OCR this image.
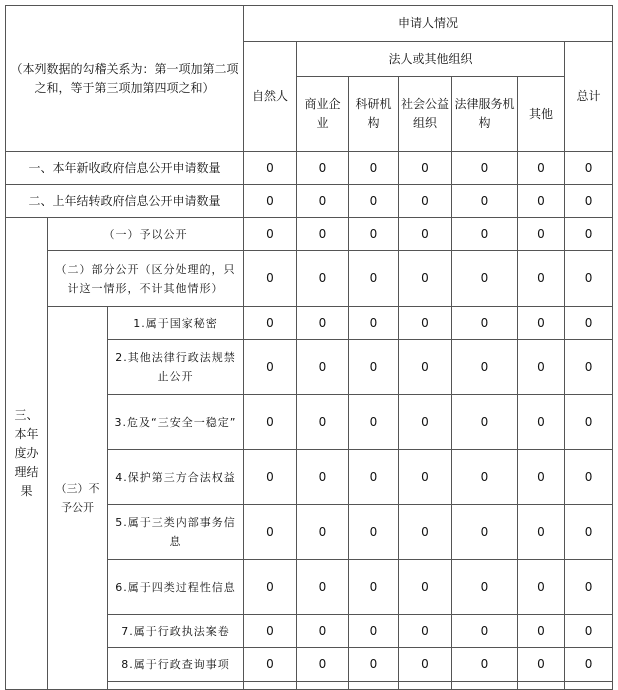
（本列数据的勾稽关系为：第一项加第二项之和，等于第三项加第四项之和）			申请人情况						
			自然人	法人或其他组织					总计
				商业企业	科研机构	社会公益组织	法律服务机构	其他	
一、本年新收政府信息公开申请数量			0	0	0	0	0	0	0
二、上年结转政府信息公开申请数量			0	0	0	0	0	0	0
三、本年度办理结果	（一）予以公开		0	0	0	0	0	0	0
	（二）部分公开（区分处理的，只计这一情形，不计其他情形）		0	0	0	0	0	0	0
	（三）不予公开	1.属于国家秘密	0	0	0	0	0	0	0
		2.其他法律行政法规禁止公开	0	0	0	0	0	0	0
		3.危及“三安全一稳定”	0	0	0	0	0	0	0
		4.保护第三方合法权益	0	0	0	0	0	0	0
		5.属于三类内部事务信息	0	0	0	0	0	0	0
		6.属于四类过程性信息	0	0	0	0	0	0	0
		7.属于行政执法案卷	0	0	0	0	0	0	0
		8.属于行政查询事项	0	0	0	0	0	0	0
